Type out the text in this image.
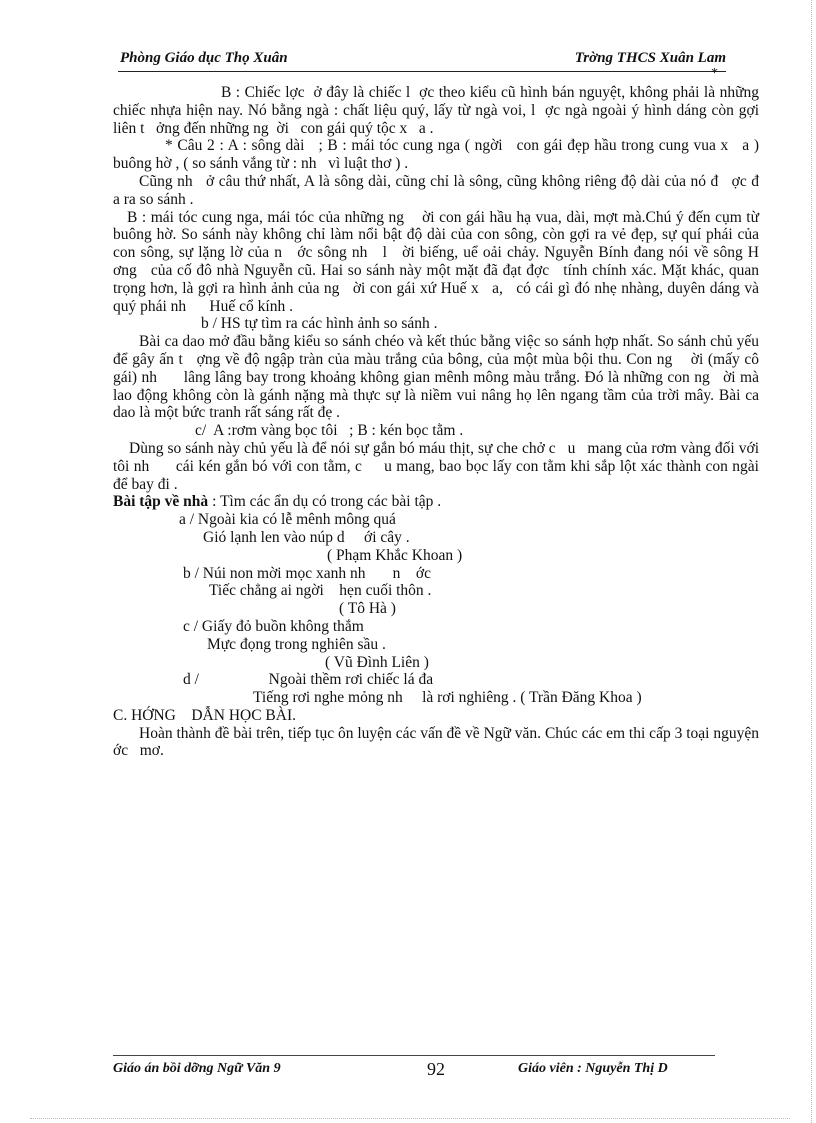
Phòng Giáo dục Thọ Xuân	Trờng THCS Xuân Lam
*

B : Chiếc lợc  ở đây là chiếc l  ợc theo kiểu cũ hình bán nguyệt, không phải là những chiếc nhựa hiện nay. Nó bằng ngà : chất liệu quý, lấy từ ngà voi, l  ợc ngà ngoài ý hình dáng còn gợi liên t   ởng đến những ng  ời   con gái quý tộc x   a .

* Câu 2 : A : sông dài   ; B : mái tóc cung nga ( ngời   con gái đẹp hầu trong cung vua x   a ) buông hờ , ( so sánh vắng từ : nh   vì luật thơ ) .

Cũng nh   ở câu thứ nhất, A là sông dài, cũng chỉ là sông, cũng không riêng độ dài của nó đ   ợc đ   a ra so sánh .

B : mái tóc cung nga, mái tóc của những ng    ời con gái hầu hạ vua, dài, mợt mà.Chú ý đến cụm từ buông hờ. So sánh này không chỉ làm nổi bật độ dài của con sông, còn gợi ra vẻ đẹp, sự quí phái của con sông, sự lặng lờ của n   ớc sông nh   l   ời biếng, uể oải chảy. Nguyễn Bính đang nói về sông H   ơng   của cố đô nhà Nguyễn cũ. Hai so sánh này một mặt đã đạt đợc   tính chính xác. Mặt khác, quan trọng hơn, là gợi ra hình ảnh của ng   ời con gái xứ Huế x   a,   có cái gì đó nhẹ nhàng, duyên dáng và quý phái nh      Huế cổ kính .

b / HS tự tìm ra các hình ảnh so sánh .

Bài ca dao mở đầu bằng kiểu so sánh chéo và kết thúc bằng việc so sánh hợp nhất. So sánh chủ yếu để gây ấn t   ợng về độ ngập tràn của màu trắng của bông, của một mùa bội thu. Con ng    ời (mấy cô gái) nh      lâng lâng bay trong khoảng không gian mênh mông màu trắng. Đó là những con ng   ời mà lao động không còn là gánh nặng mà thực sự là niềm vui nâng họ lên ngang tầm của trời mây. Bài ca dao là một bức tranh rất sáng rất đẹ .

c/  A :rơm vàng bọc tôi   ; B : kén bọc tằm .

Dùng so sánh này chủ yếu là để nói sự gắn bó máu thịt, sự che chở c   u   mang của rơm vàng đối với tôi nh      cái kén gắn bó với con tằm, c     u mang, bao bọc lấy con tằm khi sắp lột xác thành con ngài để bay đi .

Bài tập về nhà : Tìm các ẩn dụ có trong các bài tập .

a / Ngoài kia có lễ mênh mông quá

Gió lạnh len vào núp d     ới cây .

( Phạm Khắc Khoan )

b / Núi non mời mọc xanh nh       n    ớc

Tiếc chẳng ai ngời    hẹn cuối thôn .

( Tô Hà )

c / Giấy đỏ buồn không thắm

Mực đọng trong nghiên sầu .

( Vũ Đình Liên )

d /                  Ngoài thềm rơi chiếc lá đa

Tiếng rơi nghe mỏng nh     là rơi nghiêng . ( Trần Đăng Khoa )

C. HỚNG    DẪN HỌC BÀI.

Hoàn thành đề bài trên, tiếp tục ôn luyện các vấn đề về Ngữ văn. Chúc các em thi cấp 3 toại nguyện ớc   mơ.

Giáo án bồi dỡng Ngữ Văn 9	92	Giáo viên : Nguyễn Thị D
